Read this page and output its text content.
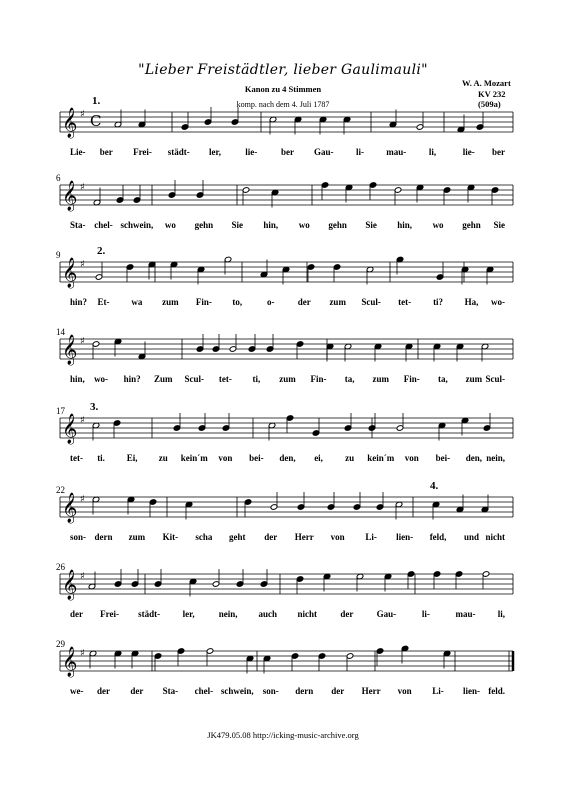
"Lieber Freistädtler, lieber Gaulimauli"
Kanon zu 4 Stimmen
komp. nach dem 4. Juli 1787
W. A. Mozart
KV 232
(509a)
𝄞 ♯ C
1.
Lie- ber Frei- städt- ler,	lie-	ber Gau- li- mau-	li,	lie- ber
𝄞 ♯
6
Sta- chel- schwein, wo gehn Sie hin, wo gehn Sie hin, wo gehn Sie
𝄞 ♯
9	2.
hin? Et- wa zum Fin- to,	o-	der zum Scul- tet- ti? Ha, wo-
𝄞 ♯
14
hin, wo- hin? Zum Scul- tet- ti, zum Fin- ta, zum Fin- ta, zum Scul-
𝄞 ♯
17 3.
tet- ti. Ei, zu kein´m von bei- den, ei, zu kein´m von bei- den, nein,
𝄞 ♯
22	4.
son- dern zum Kit- scha geht der Herr von Li- lien- feld, und nicht
𝄞 ♯
26
der Frei- städt-	ler,	nein, auch nicht	der	Gau-	li-	mau- li,
𝄞 ♯
29
we- der der Sta- chel- schwein, son- dern der Herr von Li- lien- feld.
JK479.05.08 http://icking-music-archive.org
